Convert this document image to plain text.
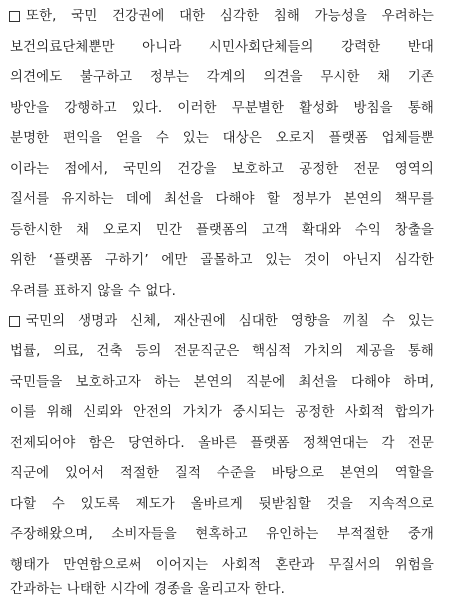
또한, 국민 건강권에 대한 심각한 침해 가능성을 우려하는
보건의료단체뿐만 아니라 시민사회단체들의 강력한 반대
의견에도 불구하고 정부는 각계의 의견을 무시한 채 기존
방안을 강행하고 있다. 이러한 무분별한 활성화 방침을 통해
분명한 편익을 얻을 수 있는 대상은 오로지 플랫폼 업체들뿐
이라는 점에서, 국민의 건강을 보호하고 공정한 전문 영역의
질서를 유지하는 데에 최선을 다해야 할 정부가 본연의 책무를
등한시한 채 오로지 민간 플랫폼의 고객 확대와 수익 창출을
위한 ‘플랫폼 구하기’ 에만 골몰하고 있는 것이 아닌지 심각한
우려를 표하지 않을 수 없다.
국민의 생명과 신체, 재산권에 심대한 영향을 끼칠 수 있는
법률, 의료, 건축 등의 전문직군은 핵심적 가치의 제공을 통해
국민들을 보호하고자 하는 본연의 직분에 최선을 다해야 하며,
이를 위해 신뢰와 안전의 가치가 중시되는 공정한 사회적 합의가
전제되어야 함은 당연하다. 올바른 플랫폼 정책연대는 각 전문
직군에 있어서 적절한 질적 수준을 바탕으로 본연의 역할을
다할 수 있도록 제도가 올바르게 뒷받침할 것을 지속적으로
주장해왔으며, 소비자들을 현혹하고 유인하는 부적절한 중개
행태가 만연함으로써 이어지는 사회적 혼란과 무질서의 위험을
간과하는 나태한 시각에 경종을 울리고자 한다.
